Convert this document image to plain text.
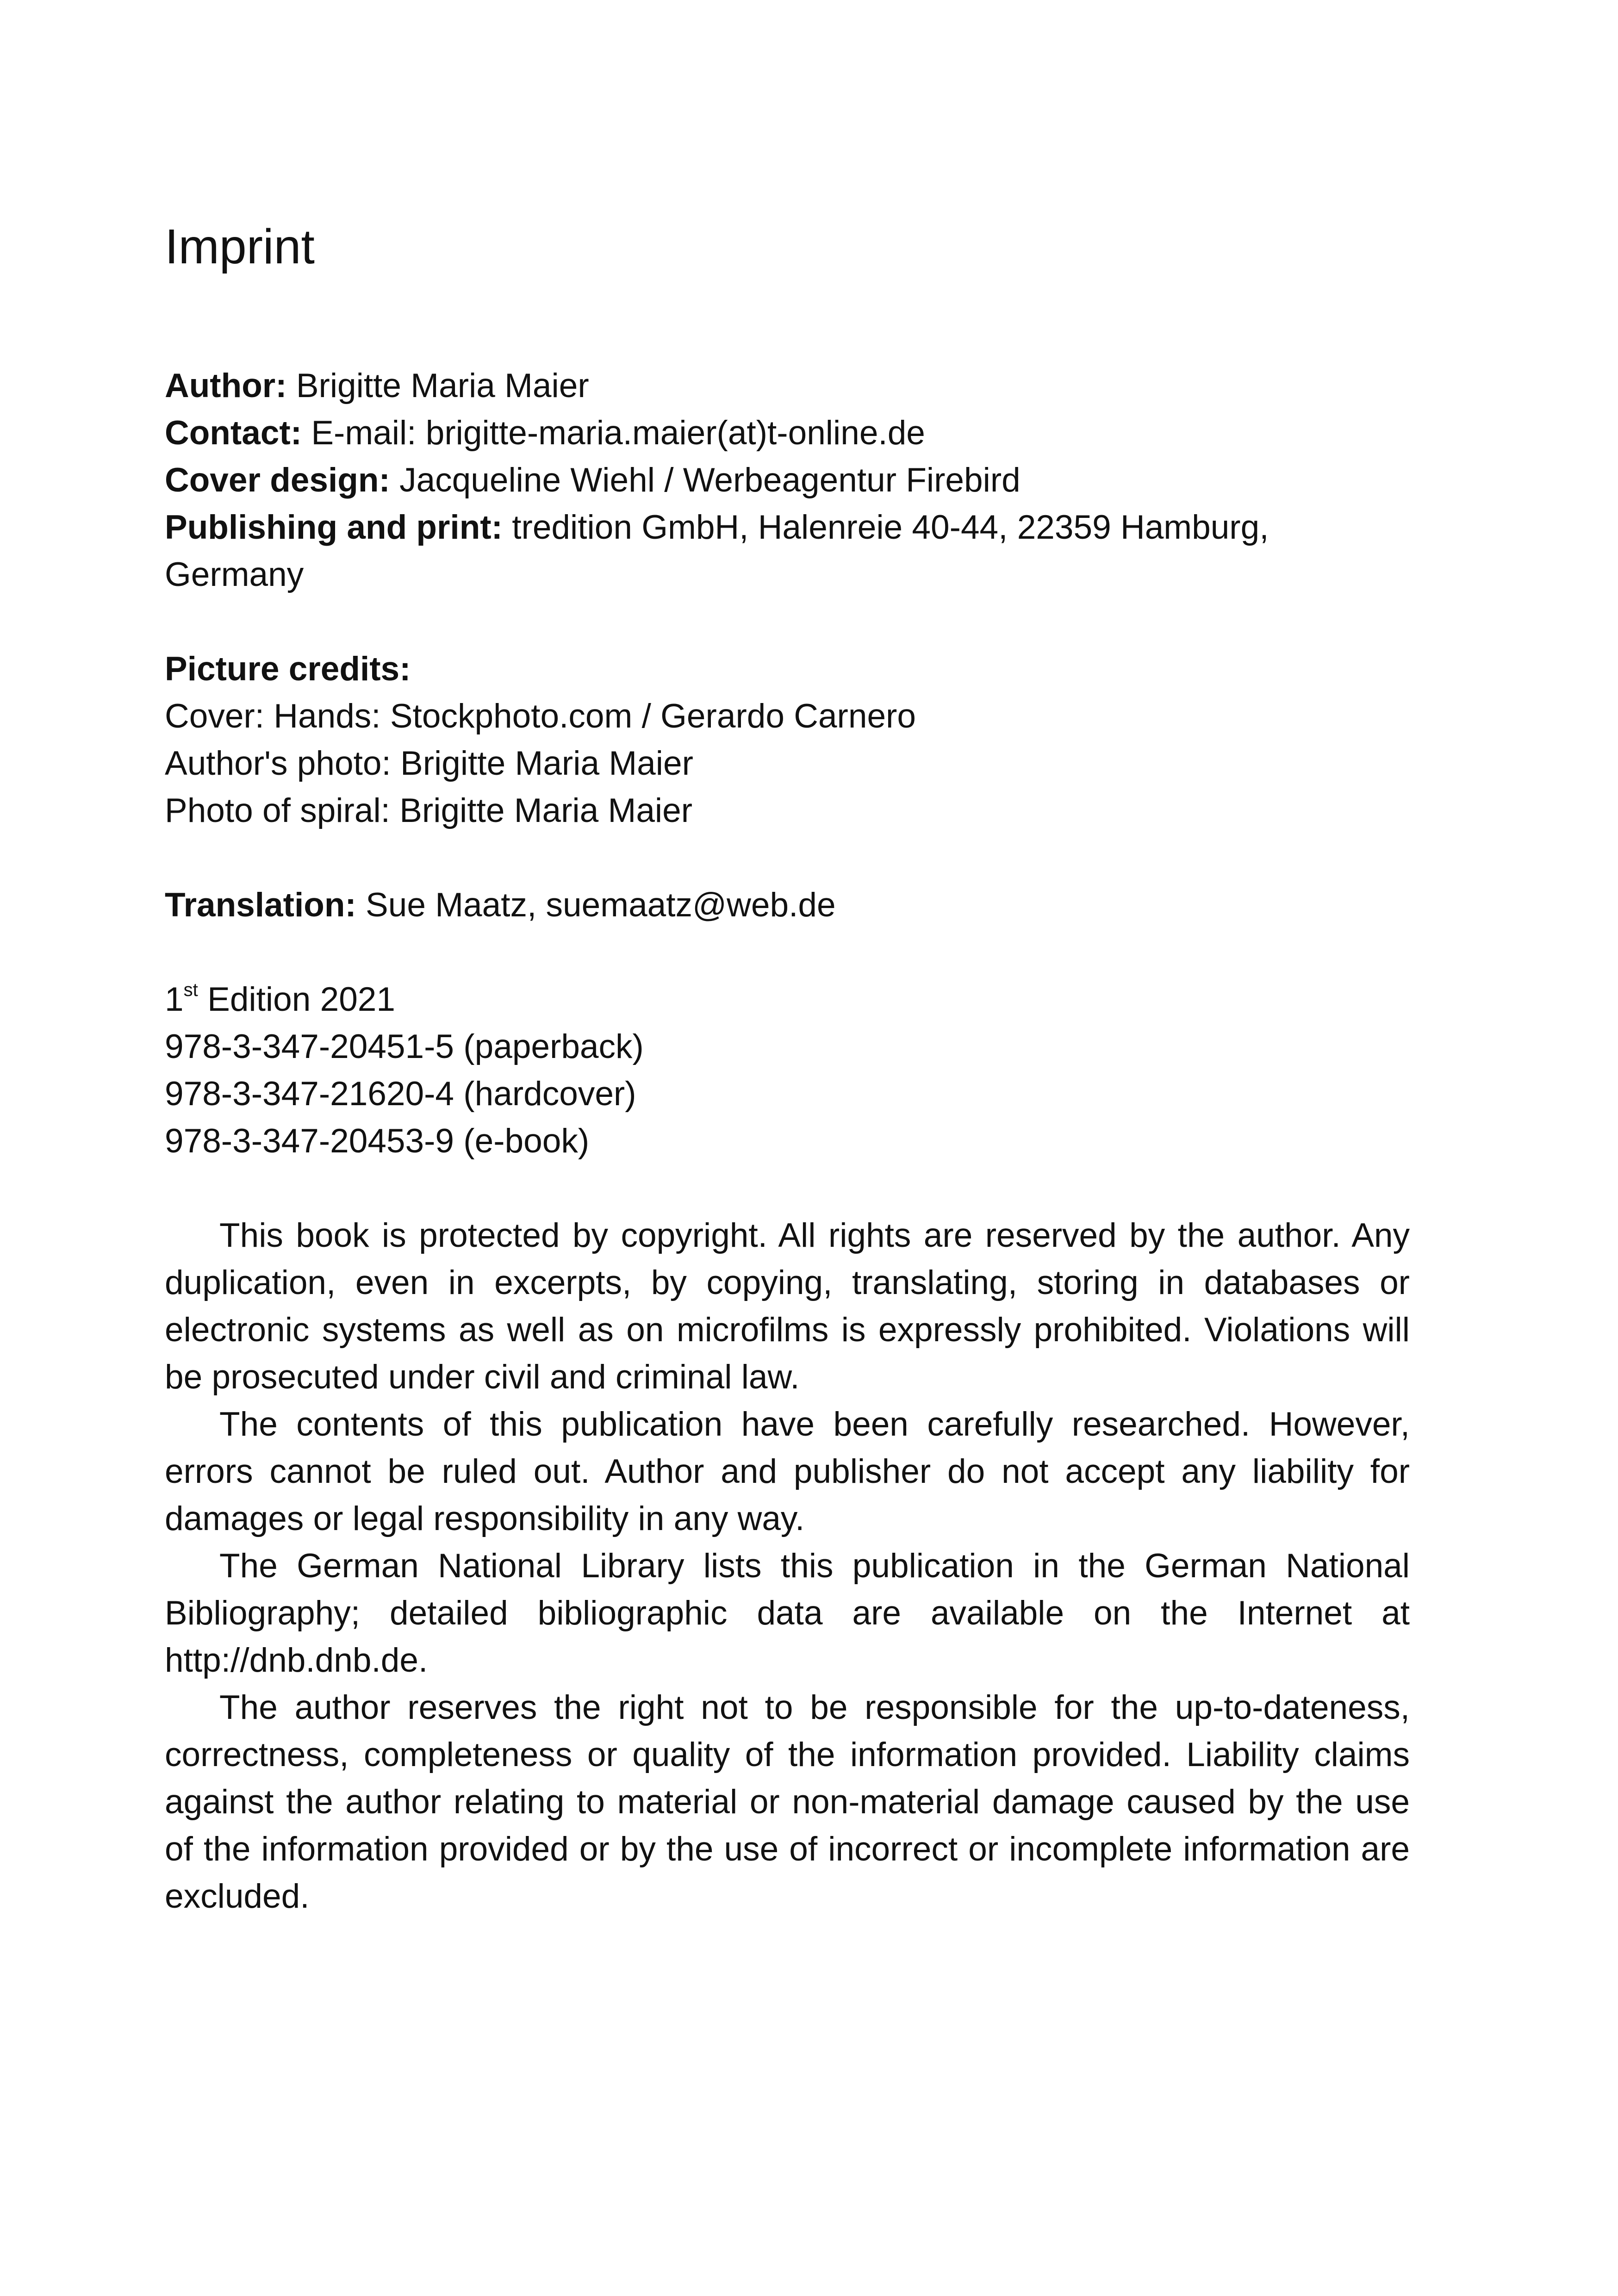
Imprint
Author: Brigitte Maria Maier
Contact: E-mail: brigitte-maria.maier(at)t-online.de
Cover design: Jacqueline Wiehl / Werbeagentur Firebird
Publishing and print: tredition GmbH, Halenreie 40-44, 22359 Hamburg, Germany
Picture credits:
Cover: Hands: Stockphoto.com / Gerardo Carnero
Author's photo: Brigitte Maria Maier
Photo of spiral: Brigitte Maria Maier
Translation: Sue Maatz, suemaatz@web.de
1st Edition 2021
978-3-347-20451-5 (paperback)
978-3-347-21620-4 (hardcover)
978-3-347-20453-9 (e-book)

This book is protected by copyright. All rights are reserved by the author. Any duplication, even in excerpts, by copying, translating, storing in databases or electronic systems as well as on microfilms is expressly prohibited. Violations will be prosecuted under civil and criminal law.

The contents of this publication have been carefully researched. However, errors cannot be ruled out. Author and publisher do not accept any liability for damages or legal responsibility in any way.

The German National Library lists this publication in the German National Bibliography; detailed bibliographic data are available on the Internet at http://dnb.dnb.de.

The author reserves the right not to be responsible for the up-to-dateness, correctness, completeness or quality of the information provided. Liability claims against the author relating to material or non-material damage caused by the use of the information provided or by the use of incorrect or incomplete information are excluded.
